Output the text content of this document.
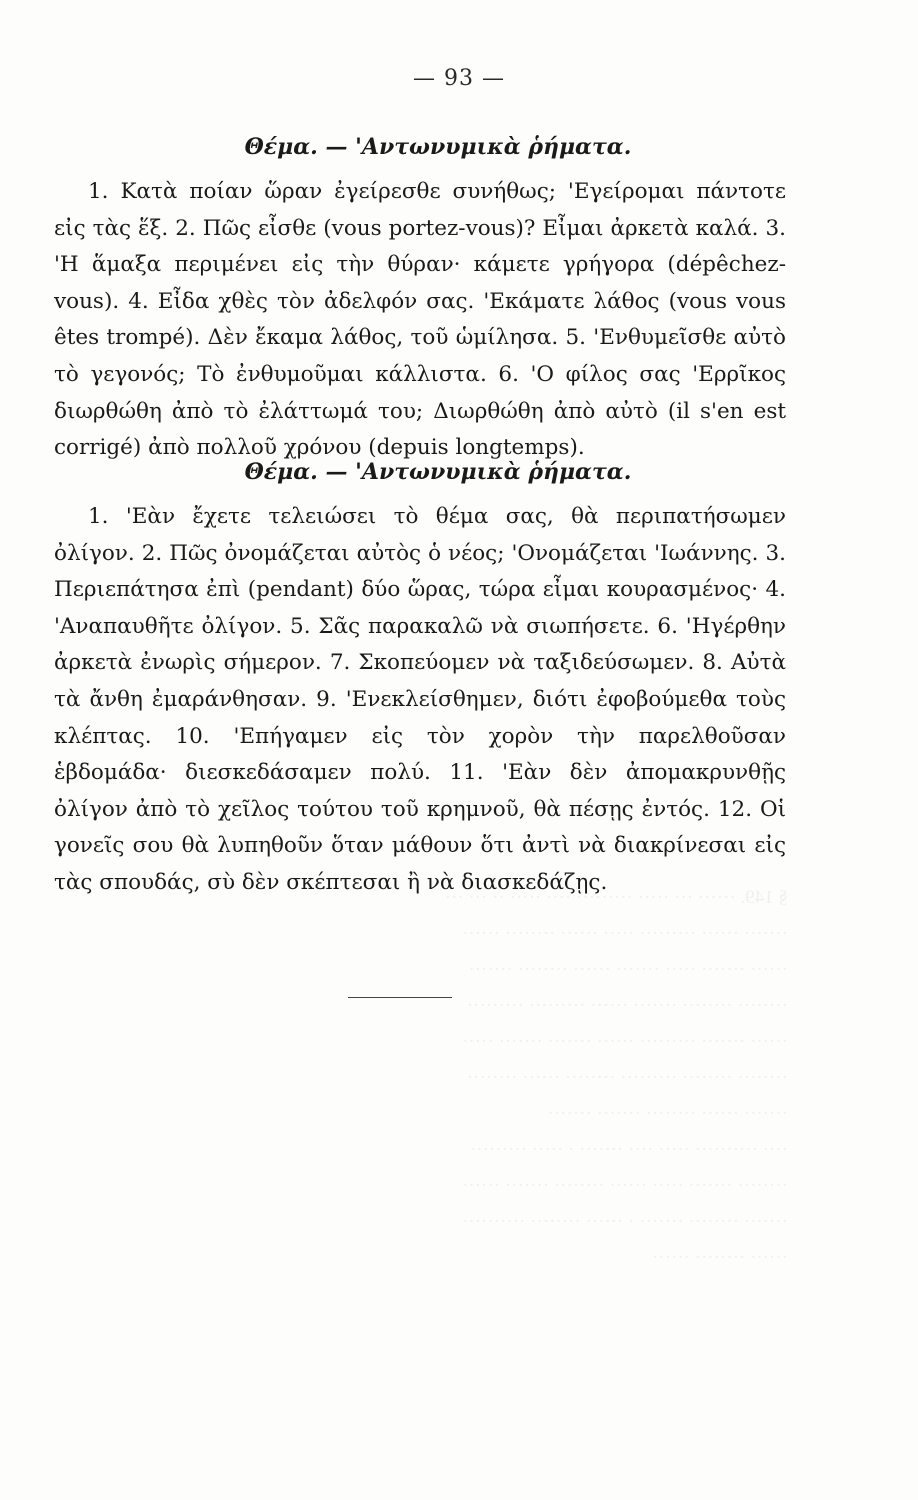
§ 149. ······ ··· ····· ········· ···· ····· ·· ··· ···
······· ······ ········· ····· ······ ········ ······
······ ······· ····· ······· ······ ········ ·······
········ ········ ······· ······ ········· ·········
······ ······· ········· ······ ······· ······· ·····
········ ········ ········· ········ ······ ········
······· ······ ········ ······· ·······
···· ·········· ····· ···· ······· · ····· ·········
········ ······· ····· ······ ········ ······· ······
······· ········ ······· · ······ ········ ··········
······ ········ ······
— 93 —
Θέμα. — 'Αντωνυμικὰ ῥήματα.

1. Κατὰ ποίαν ὥραν ἐγείρεσθε συνήθως; 'Εγείρομαι πάντοτε εἰς τὰς ἕξ. 2. Πῶς εἶσθε (vous portez-vous)? Εἶμαι ἀρκετὰ καλά. 3. 'Η ἅμαξα περιμένει εἰς τὴν θύραν· κάμετε γρήγορα (dépêchez-vous). 4. Εἶδα χθὲς τὸν ἀδελφόν σας. 'Εκάματε λάθος (vous vous êtes trompé). Δὲν ἔκαμα λάθος, τοῦ ὡμίλησα. 5. 'Ενθυμεῖσθε αὐτὸ τὸ γεγονός; Τὸ ἐνθυμοῦμαι κάλλιστα. 6. 'Ο φίλος σας 'Ερρῖκος διωρθώθη ἀπὸ τὸ ἐλάττωμά του; Διωρθώθη ἀπὸ αὐτὸ (il s'en est corrigé) ἀπὸ πολλοῦ χρόνου (depuis longtemps).

Θέμα. — 'Αντωνυμικὰ ῥήματα.

1. 'Εὰν ἔχετε τελειώσει τὸ θέμα σας, θὰ περιπατήσωμεν ὀλίγον. 2. Πῶς ὀνομάζεται αὐτὸς ὁ νέος; 'Ονομάζεται 'Ιωάννης. 3. Περιεπάτησα ἐπὶ (pendant) δύο ὥρας, τώρα εἶμαι κουρασμένος· 4. 'Αναπαυθῆτε ὀλίγον. 5. Σᾶς παρακαλῶ νὰ σιωπήσετε. 6. 'Ηγέρθην ἀρκετὰ ἐνωρὶς σήμερον. 7. Σκοπεύομεν νὰ ταξιδεύσωμεν. 8. Αὐτὰ τὰ ἄνθη ἐμαράνθησαν. 9. 'Ενεκλείσθημεν, διότι ἐφοβούμεθα τοὺς κλέπτας. 10. 'Επήγαμεν εἰς τὸν χορὸν τὴν παρελθοῦσαν ἑβδομάδα· διεσκεδάσαμεν πολύ. 11. 'Εὰν δὲν ἀπομακρυνθῇς ὀλίγον ἀπὸ τὸ χεῖλος τούτου τοῦ κρημνοῦ, θὰ πέσῃς ἐντός. 12. Οἱ γονεῖς σου θὰ λυπηθοῦν ὅταν μάθουν ὅτι ἀντὶ νὰ διακρίνεσαι εἰς τὰς σπουδάς, σὺ δὲν σκέπτεσαι ἢ νὰ διασκεδάζῃς.
